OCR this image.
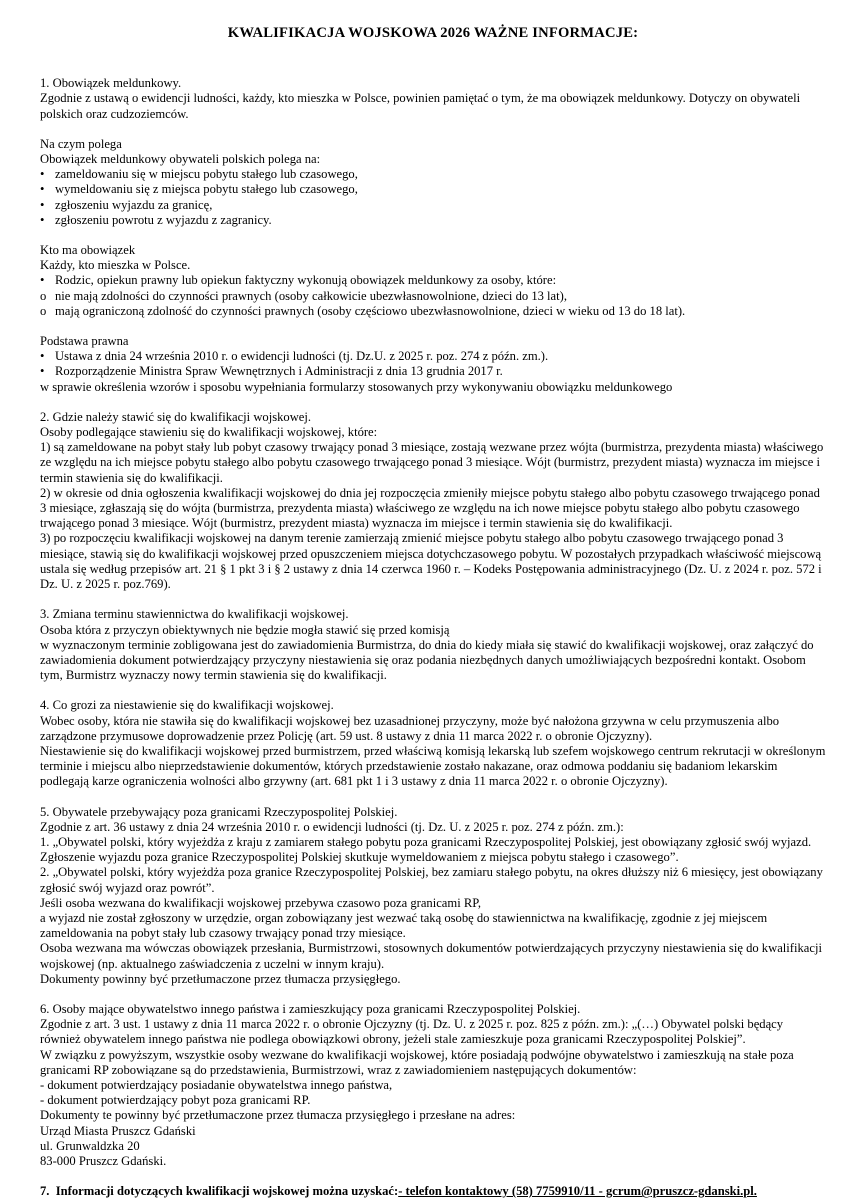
KWALIFIKACJA WOJSKOWA 2026 WAŻNE INFORMACJE:

1. Obowiązek meldunkowy.

Zgodnie z ustawą o ewidencji ludności, każdy, kto mieszka w Polsce, powinien pamiętać o tym, że ma obowiązek meldunkowy. Dotyczy on obywateli polskich oraz cudzoziemców.

Na czym polega

Obowiązek meldunkowy obywateli polskich polega na:

• zameldowaniu się w miejscu pobytu stałego lub czasowego,
• wymeldowaniu się z miejsca pobytu stałego lub czasowego,
• zgłoszeniu wyjazdu za granicę,
• zgłoszeniu powrotu z wyjazdu z zagranicy.

Kto ma obowiązek

Każdy, kto mieszka w Polsce.

• Rodzic, opiekun prawny lub opiekun faktyczny wykonują obowiązek meldunkowy za osoby, które:
o nie mają zdolności do czynności prawnych (osoby całkowicie ubezwłasnowolnione, dzieci do 13 lat),
o mają ograniczoną zdolność do czynności prawnych (osoby częściowo ubezwłasnowolnione, dzieci w wieku od 13 do 18 lat).

Podstawa prawna

• Ustawa z dnia 24 września 2010 r. o ewidencji ludności (tj. Dz.U. z 2025 r. poz. 274 z późn. zm.).
• Rozporządzenie Ministra Spraw Wewnętrznych i Administracji z dnia 13 grudnia 2017 r.

w sprawie określenia wzorów i sposobu wypełniania formularzy stosowanych przy wykonywaniu obowiązku meldunkowego

2. Gdzie należy stawić się do kwalifikacji wojskowej.

Osoby podlegające stawieniu się do kwalifikacji wojskowej, które:

1) są zameldowane na pobyt stały lub pobyt czasowy trwający ponad 3 miesiące, zostają wezwane przez wójta (burmistrza, prezydenta miasta) właściwego ze względu na ich miejsce pobytu stałego albo pobytu czasowego trwającego ponad 3 miesiące. Wójt (burmistrz, prezydent miasta) wyznacza im miejsce i termin stawienia się do kwalifikacji.

2) w okresie od dnia ogłoszenia kwalifikacji wojskowej do dnia jej rozpoczęcia zmieniły miejsce pobytu stałego albo pobytu czasowego trwającego ponad 3 miesiące, zgłaszają się do wójta (burmistrza, prezydenta miasta) właściwego ze względu na ich nowe miejsce pobytu stałego albo pobytu czasowego trwającego ponad 3 miesiące. Wójt (burmistrz, prezydent miasta) wyznacza im miejsce i termin stawienia się do kwalifikacji.

3) po rozpoczęciu kwalifikacji wojskowej na danym terenie zamierzają zmienić miejsce pobytu stałego albo pobytu czasowego trwającego ponad 3 miesiące, stawią się do kwalifikacji wojskowej przed opuszczeniem miejsca dotychczasowego pobytu. W pozostałych przypadkach właściwość miejscową ustala się według przepisów art. 21 § 1 pkt 3 i § 2 ustawy z dnia 14 czerwca 1960 r. – Kodeks Postępowania administracyjnego (Dz. U. z 2024 r. poz. 572 i Dz. U. z 2025 r. poz.769).

3. Zmiana terminu stawiennictwa do kwalifikacji wojskowej.

Osoba która z przyczyn obiektywnych nie będzie mogła stawić się przed komisją

w wyznaczonym terminie zobligowana jest do zawiadomienia Burmistrza, do dnia do kiedy miała się stawić do kwalifikacji wojskowej, oraz załączyć do zawiadomienia dokument potwierdzający przyczyny niestawienia się oraz podania niezbędnych danych umożliwiających bezpośredni kontakt. Osobom tym, Burmistrz wyznaczy nowy termin stawienia się do kwalifikacji.

4. Co grozi za niestawienie się do kwalifikacji wojskowej.

Wobec osoby, która nie stawiła się do kwalifikacji wojskowej bez uzasadnionej przyczyny, może być nałożona grzywna w celu przymuszenia albo zarządzone przymusowe doprowadzenie przez Policję (art. 59 ust. 8 ustawy z dnia 11 marca 2022 r. o obronie Ojczyzny).

Niestawienie się do kwalifikacji wojskowej przed burmistrzem, przed właściwą komisją lekarską lub szefem wojskowego centrum rekrutacji w określonym terminie i miejscu albo nieprzedstawienie dokumentów, których przedstawienie zostało nakazane, oraz odmowa poddaniu się badaniom lekarskim podlegają karze ograniczenia wolności albo grzywny (art. 681 pkt 1 i 3 ustawy z dnia 11 marca 2022 r. o obronie Ojczyzny).

5. Obywatele przebywający poza granicami Rzeczypospolitej Polskiej.

Zgodnie z art. 36 ustawy z dnia 24 września 2010 r. o ewidencji ludności (tj. Dz. U. z 2025 r. poz. 274 z późn. zm.):

1. „Obywatel polski, który wyjeżdża z kraju z zamiarem stałego pobytu poza granicami Rzeczypospolitej Polskiej, jest obowiązany zgłosić swój wyjazd. Zgłoszenie wyjazdu poza granice Rzeczypospolitej Polskiej skutkuje wymeldowaniem z miejsca pobytu stałego i czasowego”.

2. „Obywatel polski, który wyjeżdża poza granice Rzeczypospolitej Polskiej, bez zamiaru stałego pobytu, na okres dłuższy niż 6 miesięcy, jest obowiązany zgłosić swój wyjazd oraz powrót”.

Jeśli osoba wezwana do kwalifikacji wojskowej przebywa czasowo poza granicami RP,

a wyjazd nie został zgłoszony w urzędzie, organ zobowiązany jest wezwać taką osobę do stawiennictwa na kwalifikację, zgodnie z jej miejscem zameldowania na pobyt stały lub czasowy trwający ponad trzy miesiące.

Osoba wezwana ma wówczas obowiązek przesłania, Burmistrzowi, stosownych dokumentów potwierdzających przyczyny niestawienia się do kwalifikacji wojskowej (np. aktualnego zaświadczenia z uczelni w innym kraju).

Dokumenty powinny być przetłumaczone przez tłumacza przysięgłego.

6. Osoby mające obywatelstwo innego państwa i zamieszkujący poza granicami Rzeczypospolitej Polskiej.

Zgodnie z art. 3 ust. 1 ustawy z dnia 11 marca 2022 r. o obronie Ojczyzny (tj. Dz. U. z 2025 r. poz. 825 z późn. zm.): „(…) Obywatel polski będący również obywatelem innego państwa nie podlega obowiązkowi obrony, jeżeli stale zamieszkuje poza granicami Rzeczypospolitej Polskiej”.

W związku z powyższym, wszystkie osoby wezwane do kwalifikacji wojskowej, które posiadają podwójne obywatelstwo i zamieszkują na stałe poza granicami RP zobowiązane są do przedstawienia, Burmistrzowi, wraz z zawiadomieniem następujących dokumentów:

- dokument potwierdzający posiadanie obywatelstwa innego państwa,

- dokument potwierdzający pobyt poza granicami RP.

Dokumenty te powinny być przetłumaczone przez tłumacza przysięgłego i przesłane na adres:

Urząd Miasta Pruszcz Gdański

ul. Grunwaldzka 20

83-000 Pruszcz Gdański.

7.  Informacji dotyczących kwalifikacji wojskowej można uzyskać:- telefon kontaktowy (58) 7759910/11 - gcrum@pruszcz-gdanski.pl.
